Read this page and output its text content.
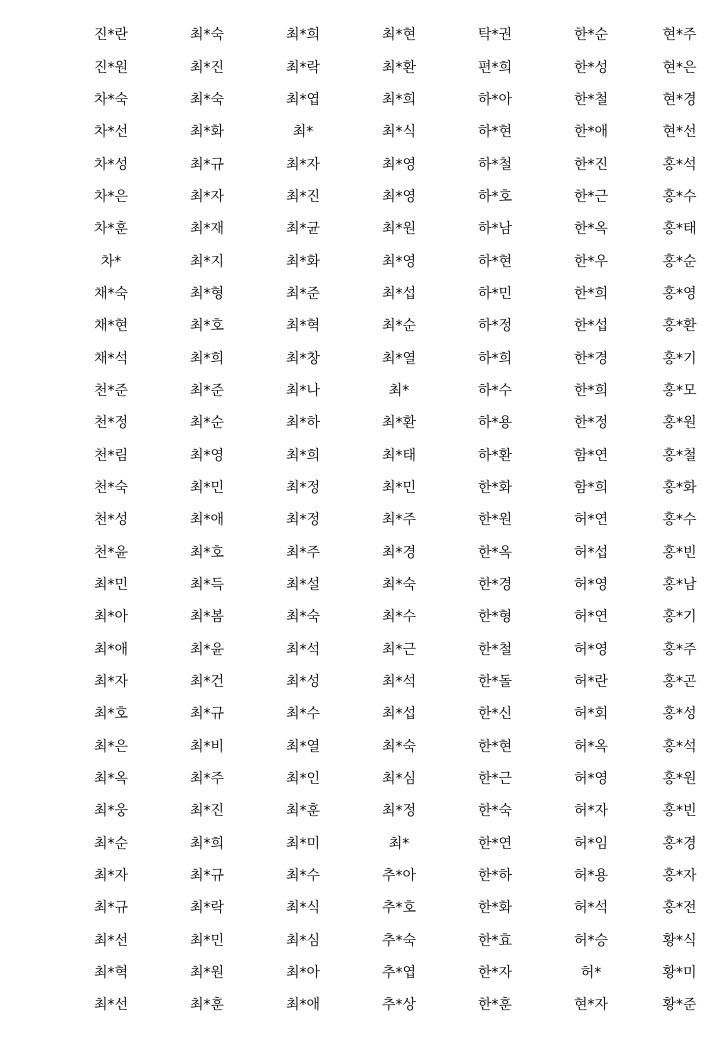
진*란	최*숙	최*희	최*현	탁*권	한*순	현*주
진*원	최*진	최*락	최*환	편*희	한*성	현*은
차*숙	최*숙	최*엽	최*희	하*아	한*철	현*경
차*선	최*화	최*	최*식	하*현	한*애	현*선
차*성	최*규	최*자	최*영	하*철	한*진	홍*석
차*은	최*자	최*진	최*영	하*호	한*근	홍*수
차*훈	최*재	최*균	최*원	하*남	한*옥	홍*태
차*	최*지	최*화	최*영	하*현	한*우	홍*순
채*숙	최*형	최*준	최*섭	하*민	한*희	홍*영
채*현	최*호	최*혁	최*순	하*정	한*섭	홍*환
채*석	최*희	최*창	최*열	하*희	한*경	홍*기
천*준	최*준	최*나	최*	하*수	한*희	홍*모
천*정	최*순	최*하	최*환	하*용	한*정	홍*원
천*림	최*영	최*희	최*태	하*환	함*연	홍*철
천*숙	최*민	최*정	최*민	한*화	함*희	홍*화
천*성	최*애	최*정	최*주	한*원	허*연	홍*수
천*윤	최*호	최*주	최*경	한*옥	허*섭	홍*빈
최*민	최*득	최*설	최*숙	한*경	허*영	홍*남
최*아	최*봄	최*숙	최*수	한*형	허*연	홍*기
최*애	최*윤	최*석	최*근	한*철	허*영	홍*주
최*자	최*건	최*성	최*석	한*돌	허*란	홍*곤
최*호	최*규	최*수	최*섭	한*신	허*회	홍*성
최*은	최*비	최*열	최*숙	한*현	허*옥	홍*석
최*옥	최*주	최*인	최*심	한*근	허*영	홍*원
최*웅	최*진	최*훈	최*정	한*숙	허*자	홍*빈
최*순	최*희	최*미	최*	한*연	허*임	홍*경
최*자	최*규	최*수	추*아	한*하	허*용	홍*자
최*규	최*락	최*식	추*호	한*화	허*석	홍*전
최*선	최*민	최*심	추*숙	한*효	허*승	황*식
최*혁	최*원	최*아	추*엽	한*자	허*	황*미
최*선	최*훈	최*애	추*상	한*훈	현*자	황*준
